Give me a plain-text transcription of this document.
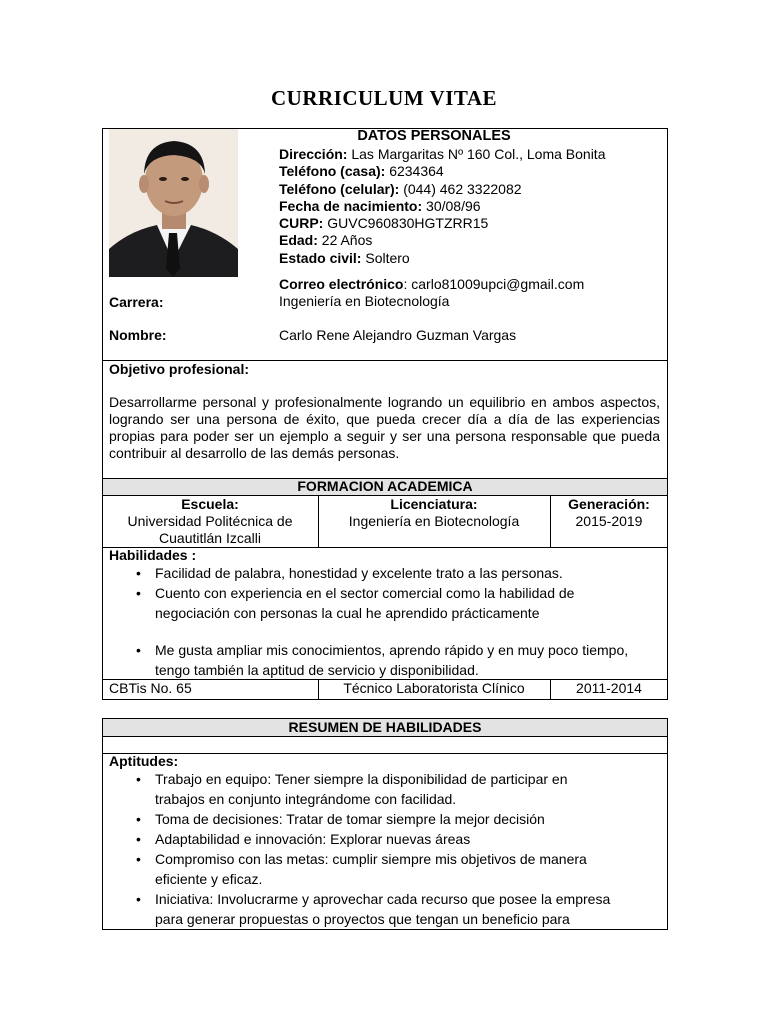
CURRICULUM VITAE
DATOS PERSONALES
Dirección: Las Margaritas Nº 160 Col., Loma Bonita
Teléfono (casa): 6234364
Teléfono (celular): (044) 462 3322082
Fecha de nacimiento: 30/08/96
CURP: GUVC960830HGTZRR15
Edad: 22 Años
Estado civil: Soltero
Correo electrónico: carlo81009upci@gmail.com
Carrera:	Ingeniería en Biotecnología
Nombre:	Carlo Rene Alejandro Guzman Vargas
Objetivo profesional:
Desarrollarme personal y profesionalmente logrando un equilibrio en ambos aspectos, logrando ser una persona de éxito, que pueda crecer día a día de las experiencias propias para poder ser un ejemplo a seguir y ser una persona responsable que pueda contribuir al desarrollo de las demás personas.
FORMACION ACADEMICA
Escuela:	Licenciatura:	Generación:
Universidad Politécnica de
Cuautitlán Izcalli
Ingeniería en Biotecnología	2015-2019
Habilidades :
• Facilidad de palabra, honestidad y excelente trato a las personas.
• Cuento con experiencia en el sector comercial como la habilidad de negociación con personas la cual he aprendido prácticamente
• Me gusta ampliar mis conocimientos, aprendo rápido y en muy poco tiempo, tengo también la aptitud de servicio y disponibilidad.
CBTis No. 65	Técnico Laboratorista Clínico	2011-2014
RESUMEN DE HABILIDADES
Aptitudes:
• Trabajo en equipo: Tener siempre la disponibilidad de participar en trabajos en conjunto integrándome con facilidad.
• Toma de decisiones: Tratar de tomar siempre la mejor decisión
• Adaptabilidad e innovación: Explorar nuevas áreas
• Compromiso con las metas: cumplir siempre mis objetivos de manera eficiente y eficaz.
• Iniciativa: Involucrarme y aprovechar cada recurso que posee la empresa para generar propuestas o proyectos que tengan un beneficio para
